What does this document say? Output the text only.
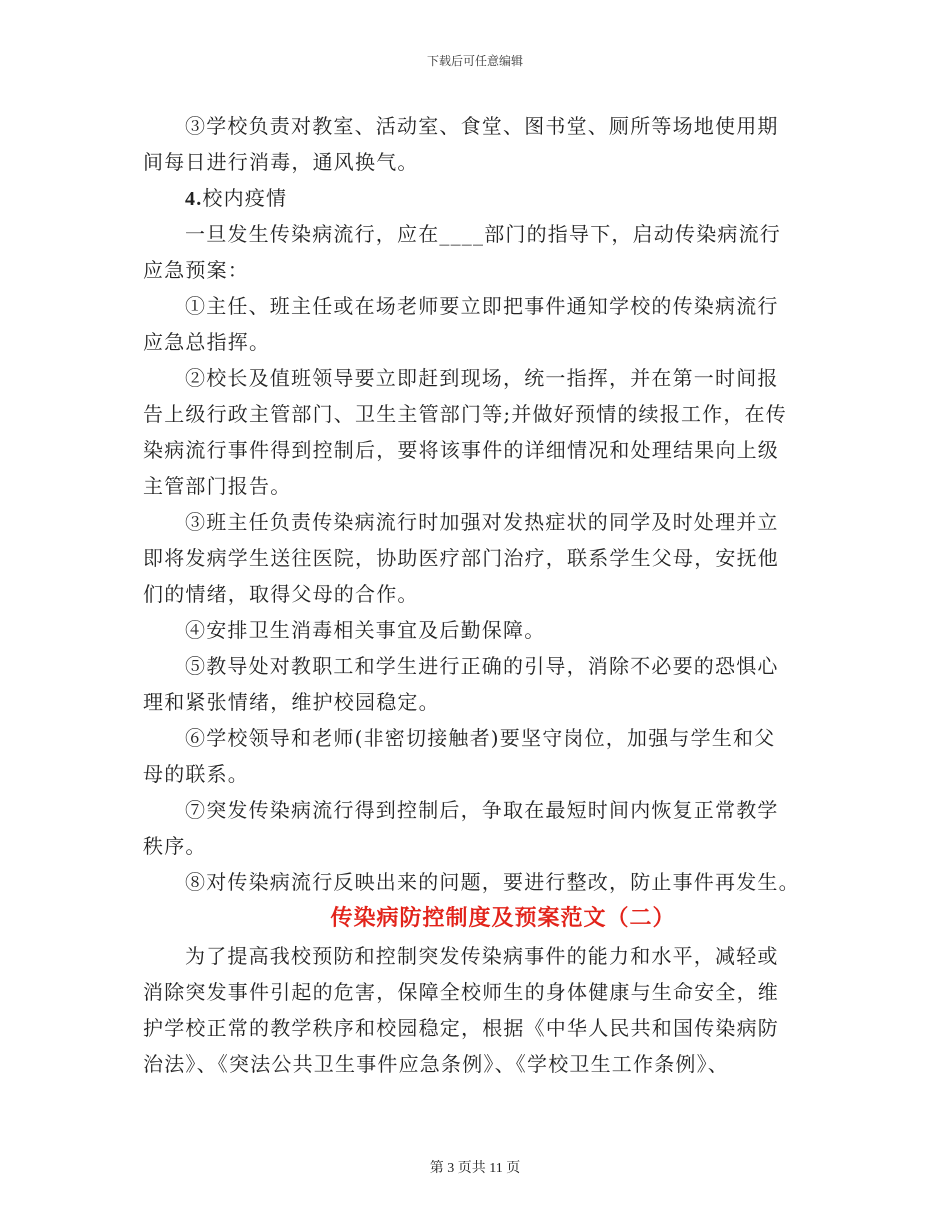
下载后可任意编辑

③学校负责对教室、活动室、食堂、图书堂、厕所等场地使用期

间每日进行消毒，通风换气。

4.校内疫情

一旦发生传染病流行，应在____部门的指导下，启动传染病流行

应急预案：

①主任、班主任或在场老师要立即把事件通知学校的传染病流行

应急总指挥。

②校长及值班领导要立即赶到现场，统一指挥，并在第一时间报

告上级行政主管部门、卫生主管部门等;并做好预情的续报工作，在传

染病流行事件得到控制后，要将该事件的详细情况和处理结果向上级

主管部门报告。

③班主任负责传染病流行时加强对发热症状的同学及时处理并立

即将发病学生送往医院，协助医疗部门治疗，联系学生父母，安抚他

们的情绪，取得父母的合作。

④安排卫生消毒相关事宜及后勤保障。

⑤教导处对教职工和学生进行正确的引导，消除不必要的恐惧心

理和紧张情绪，维护校园稳定。

⑥学校领导和老师(非密切接触者)要坚守岗位，加强与学生和父

母的联系。

⑦突发传染病流行得到控制后，争取在最短时间内恢复正常教学

秩序。

⑧对传染病流行反映出来的问题，要进行整改，防止事件再发生。

传染病防控制度及预案范文（二）

为了提高我校预防和控制突发传染病事件的能力和水平，减轻或

消除突发事件引起的危害，保障全校师生的身体健康与生命安全，维

护学校正常的教学秩序和校园稳定，根据《中华人民共和国传染病防

治法》、《突法公共卫生事件应急条例》、《学校卫生工作条例》、

第 3 页共 11 页
